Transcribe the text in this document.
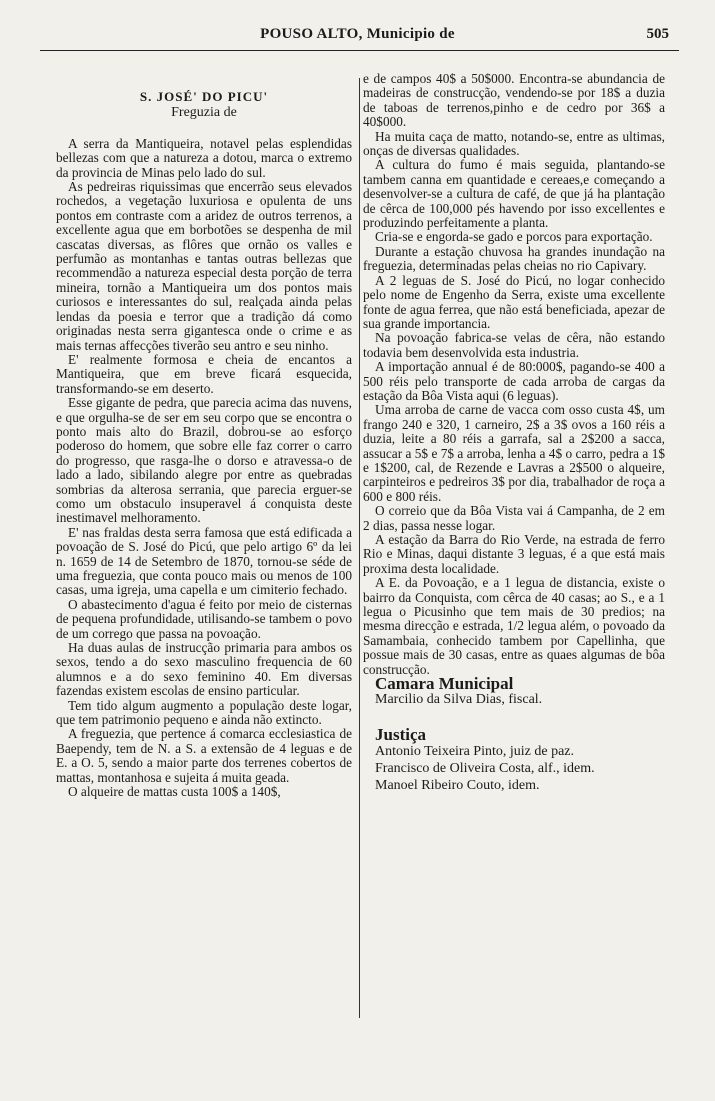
POUSO ALTO, Municipio de	505
S. JOSÉ' DO PICU'
Freguzia de

A serra da Mantiqueira, notavel pelas esplendidas bellezas com que a natureza a dotou, marca o extremo da provincia de Minas pelo lado do sul.

As pedreiras riquissimas que encerrão seus elevados rochedos, a vegetação luxuriosa e opulenta de uns pontos em contraste com a aridez de outros terrenos, a excellente agua que em borbotões se despenha de mil cascatas diversas, as flôres que ornão os valles e perfumão as montanhas e tantas outras bellezas que recommendão a natureza especial desta porção de terra mineira, tornão a Mantiqueira um dos pontos mais curiosos e interessantes do sul, realçada ainda pelas lendas da poesia e terror que a tradição dá como originadas nesta serra gigantesca onde o crime e as mais ternas affecções tiverão seu antro e seu ninho.

E' realmente formosa e cheia de encantos a Mantiqueira, que em breve ficará esquecida, transformando-se em deserto.

Esse gigante de pedra, que parecia acima das nuvens, e que orgulha-se de ser em seu corpo que se encontra o ponto mais alto do Brazil, dobrou-se ao esforço poderoso do homem, que sobre elle faz correr o carro do progresso, que rasga-lhe o dorso e atravessa-o de lado a lado, sibilando alegre por entre as quebradas sombrias da alterosa serrania, que parecia erguer-se como um obstaculo insuperavel á conquista deste inestimavel melhoramento.

E' nas fraldas desta serra famosa que está edificada a povoação de S. José do Picú, que pelo artigo 6º da lei n. 1659 de 14 de Setembro de 1870, tornou-se séde de uma freguezia, que conta pouco mais ou menos de 100 casas, uma igreja, uma capella e um cimiterio fechado.

O abastecimento d'agua é feito por meio de cisternas de pequena profundidade, utilisando-se tambem o povo de um corrego que passa na povoação.

Ha duas aulas de instrucção primaria para ambos os sexos, tendo a do sexo masculino frequencia de 60 alumnos e a do sexo feminino 40. Em diversas fazendas existem escolas de ensino particular.

Tem tido algum augmento a população deste logar, que tem patrimonio pequeno e ainda não extincto.

A freguezia, que pertence á comarca ecclesiastica de Baependy, tem de N. a S. a extensão de 4 leguas e de E. a O. 5, sendo a maior parte dos terrenes cobertos de mattas, montanhosa e sujeita á muita geada.

O alqueire de mattas custa 100$ a 140$,

e de campos 40$ a 50$000. Encontra-se abundancia de madeiras de construcção, vendendo-se por 18$ a duzia de taboas de terrenos,pinho e de cedro por 36$ a 40$000.

Ha muita caça de matto, notando-se, entre as ultimas, onças de diversas qualidades.

A cultura do fumo é mais seguida, plantando-se tambem canna em quantidade e cereaes,e começando a desenvolver-se a cultura de café, de que já ha plantação de cêrca de 100,000 pés havendo por isso excellentes e produzindo perfeitamente a planta.

Cria-se e engorda-se gado e porcos para exportação.

Durante a estação chuvosa ha grandes inundação na freguezia, determinadas pelas cheias no rio Capivary.

A 2 leguas de S. José do Picú, no logar conhecido pelo nome de Engenho da Serra, existe uma excellente fonte de agua ferrea, que não está beneficiada, apezar de sua grande importancia.

Na povoação fabrica-se velas de cêra, não estando todavia bem desenvolvida esta industria.

A importação annual é de 80:000$, pagando-se 400 a 500 réis pelo transporte de cada arroba de cargas da estação da Bôa Vista aqui (6 leguas).

Uma arroba de carne de vacca com osso custa 4$, um frango 240 e 320, 1 carneiro, 2$ a 3$ ovos a 160 réis a duzia, leite a 80 réis a garrafa, sal a 2$200 a sacca, assucar a 5$ e 7$ a arroba, lenha a 4$ o carro, pedra a 1$ e 1$200, cal, de Rezende e Lavras a 2$500 o alqueire, carpinteiros e pedreiros 3$ por dia, trabalhador de roça a 600 e 800 réis.

O correio que da Bôa Vista vai á Campanha, de 2 em 2 dias, passa nesse logar.

A estação da Barra do Rio Verde, na estrada de ferro Rio e Minas, daqui distante 3 leguas, é a que está mais proxima desta localidade.

A E. da Povoação, e a 1 legua de distancia, existe o bairro da Conquista, com cêrca de 40 casas; ao S., e a 1 legua o Picusinho que tem mais de 30 predios; na mesma direcção e estrada, 1/2 legua além, o povoado da Samambaia, conhecido tambem por Capellinha, que possue mais de 30 casas, entre as quaes algumas de bôa construcção.

Camara Municipal

Marcilio da Silva Dias, fiscal.

Justiça

Antonio Teixeira Pinto, juiz de paz.

Francisco de Oliveira Costa, alf., idem.

Manoel Ribeiro Couto, idem.
